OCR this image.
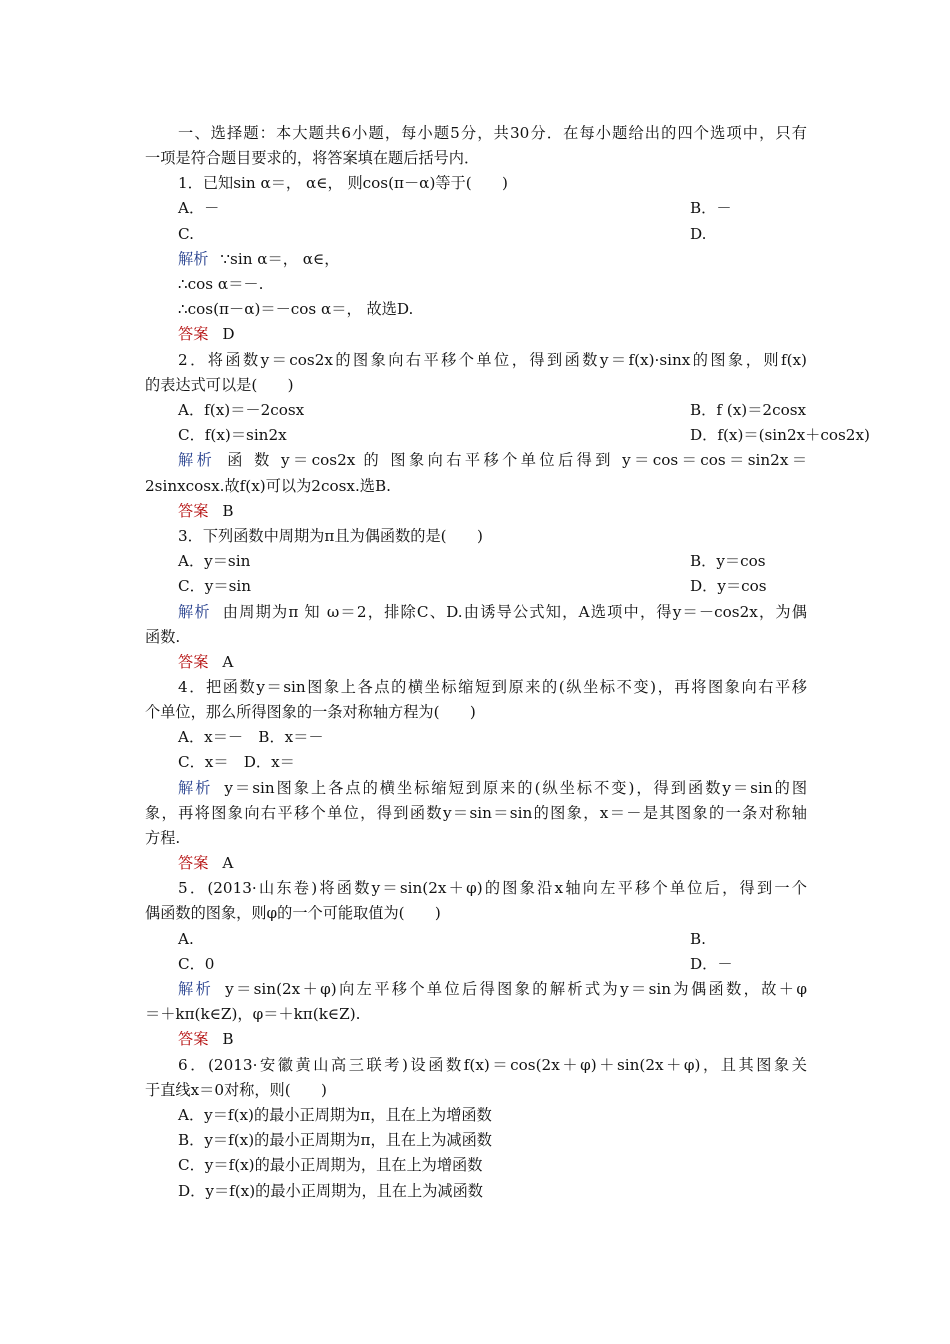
一、选择题：本大题共6小题，每小题5分，共30分．在每小题给出的四个选项中，只有
一项是符合题目要求的，将答案填在题后括号内．
1．已知sin α＝， α∈， 则cos(π－α)等于(　　)
A．－	B．－
C.	D.
解析 ∵sin α＝， α∈，
∴cos α＝－.
∴cos(π－α)＝－cos α＝， 故选D.
答案 D
2．将函数y＝cos2x的图象向右平移个单位，得到函数y＝f(x)·sinx的图象，则f(x)
的表达式可以是(　　)
A．f(x)＝－2cosx	B．f (x)＝2cosx
C．f(x)＝sin2x	D．f(x)＝(sin2x＋cos2x)
解析 函 数 y＝cos2x 的 图象向右平移个单位后得到 y＝cos＝cos＝sin2x＝
2sinxcosx.故f(x)可以为2cosx.选B.
答案 B
3．下列函数中周期为π且为偶函数的是(　　)
A．y＝sin	B．y＝cos
C．y＝sin	D．y＝cos
解析 由周期为π 知 ω＝2，排除C、D.由诱导公式知，A选项中，得y＝－cos2x，为偶
函数.
答案 A
4．把函数y＝sin图象上各点的横坐标缩短到原来的(纵坐标不变)，再将图象向右平移
个单位，那么所得图象的一条对称轴方程为(　　)
A．x＝－　B．x＝－
C．x＝　D．x＝
解析 y＝sin图象上各点的横坐标缩短到原来的(纵坐标不变)，得到函数y＝sin的图
象，再将图象向右平移个单位，得到函数y＝sin＝sin的图象，x＝－是其图象的一条对称轴
方程.
答案 A
5．(2013·山东卷)将函数y＝sin(2x＋φ)的图象沿x轴向左平移个单位后，得到一个
偶函数的图象，则φ的一个可能取值为(　　)
A.	B.
C．0	D．－
解析 y＝sin(2x＋φ)向左平移个单位后得图象的解析式为y＝sin为偶函数，故＋φ
＝＋kπ(k∈Z)，φ＝＋kπ(k∈Z).
答案 B
6．(2013·安徽黄山高三联考)设函数f(x)＝cos(2x＋φ)＋sin(2x＋φ)，且其图象关
于直线x＝0对称，则(　　)
A．y＝f(x)的最小正周期为π，且在上为增函数
B．y＝f(x)的最小正周期为π，且在上为减函数
C．y＝f(x)的最小正周期为，且在上为增函数
D．y＝f(x)的最小正周期为，且在上为减函数
